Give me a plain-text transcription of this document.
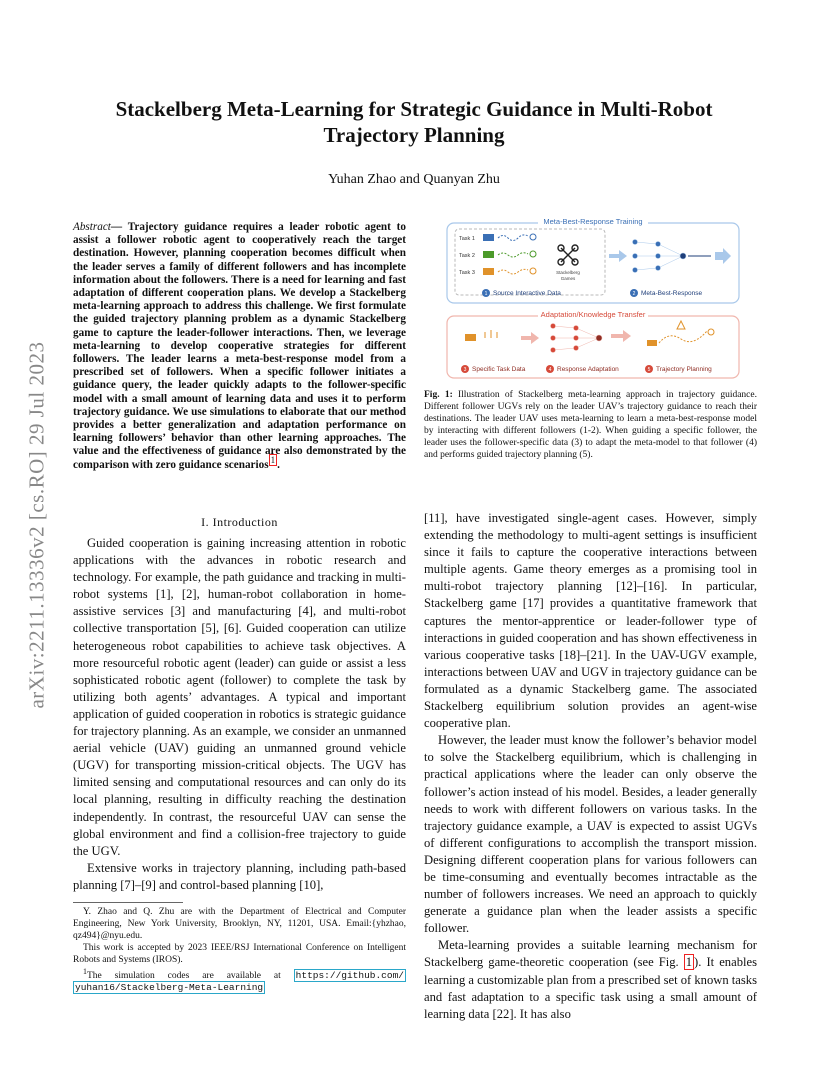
arXiv:2211.13336v2 [cs.RO] 29 Jul 2023
Stackelberg Meta-Learning for Strategic Guidance in Multi-Robot Trajectory Planning
Yuhan Zhao and Quanyan Zhu
Abstract— Trajectory guidance requires a leader robotic agent to assist a follower robotic agent to cooperatively reach the target destination. However, planning cooperation becomes difficult when the leader serves a family of different followers and has incomplete information about the followers. There is a need for learning and fast adaptation of different cooperation plans. We develop a Stackelberg meta-learning approach to address this challenge. We first formulate the guided trajectory planning problem as a dynamic Stackelberg game to capture the leader-follower interactions. Then, we leverage meta-learning to develop cooperative strategies for different followers. The leader learns a meta-best-response model from a prescribed set of followers. When a specific follower initiates a guidance query, the leader quickly adapts to the follower-specific model with a small amount of learning data and uses it to perform trajectory guidance. We use simulations to elaborate that our method provides a better generalization and adaptation performance on learning followers’ behavior than other learning approaches. The value and the effectiveness of guidance are also demonstrated by the comparison with zero guidance scenarios $^1$ .
I. Introduction

Guided cooperation is gaining increasing attention in robotic applications with the advances in robotic research and technology. For example, the path guidance and tracking in multi-robot systems [1], [2], human-robot collaboration in home-assistive services [3] and manufacturing [4], and multi-robot collective transportation [5], [6]. Guided cooperation can utilize heterogeneous robot capabilities to achieve task objectives. A more resourceful robotic agent (leader) can guide or assist a less sophisticated robotic agent (follower) to complete the task by utilizing both agents’ advantages. A typical and important application of guided cooperation in robotics is strategic guidance for trajectory planning. As an example, we consider an unmanned aerial vehicle (UAV) guiding an unmanned ground vehicle (UGV) for transporting mission-critical objects. The UGV has limited sensing and computational resources and can only do its local planning, resulting in difficulty reaching the destination independently. In contrast, the resourceful UAV can sense the global environment and find a collision-free trajectory to guide the UGV.

Extensive works in trajectory planning, including path-based planning [7]–[9] and control-based planning [10],

Y. Zhao and Q. Zhu are with the Department of Electrical and Computer Engineering, New York University, Brooklyn, NY, 11201, USA. Email:{yhzhao, qz494}@nyu.edu.

This work is accepted by 2023 IEEE/RSJ International Conference on Intelligent Robots and Systems (IROS).

$^1$The simulation codes are available at https://github.com/ yuhan16/Stackelberg-Meta-Learning

Meta-Best-Response Training
Task 1
Task 2
Task 3	Stackelberg
Games
1 Source Interactive Data	2 Meta-Best-Response
Adaptation/Knowledge Transfer
3 Specific Task Data	4 Response Adaptation	5 Trajectory Planning
Fig. 1: Illustration of Stackelberg meta-learning approach in trajectory guidance. Different follower UGVs rely on the leader UAV’s trajectory guidance to reach their destinations. The leader UAV uses meta-learning to learn a meta-best-response model by interacting with different followers (1-2). When guiding a specific follower, the leader uses the follower-specific data (3) to adapt the meta-model to that follower (4) and performs guided trajectory planning (5).

[11], have investigated single-agent cases. However, simply extending the methodology to multi-agent settings is insufficient since it fails to capture the cooperative interactions between multiple agents. Game theory emerges as a promising tool in multi-robot trajectory planning [12]–[16]. In particular, Stackelberg game [17] provides a quantitative framework that captures the mentor-apprentice or leader-follower type of interactions in guided cooperation and has shown effectiveness in various cooperative tasks [18]–[21]. In the UAV-UGV example, interactions between UAV and UGV in trajectory guidance can be formulated as a dynamic Stackelberg game. The associated Stackelberg equilibrium solution provides an agent-wise cooperative plan.

However, the leader must know the follower’s behavior model to solve the Stackelberg equilibrium, which is challenging in practical applications where the leader can only observe the follower’s action instead of his model. Besides, a leader generally needs to work with different followers on various tasks. In the trajectory guidance example, a UAV is expected to assist UGVs of different configurations to accomplish the transport mission. Designing different cooperation plans for various followers can be time-consuming and eventually becomes intractable as the number of followers increases. We need an approach to quickly generate a guidance plan when the leader assists a specific follower.

Meta-learning provides a suitable learning mechanism for Stackelberg game-theoretic cooperation (see Fig. 1 ). It enables learning a customizable plan from a prescribed set of known tasks and fast adaptation to a specific task using a small amount of learning data [22]. It has also
